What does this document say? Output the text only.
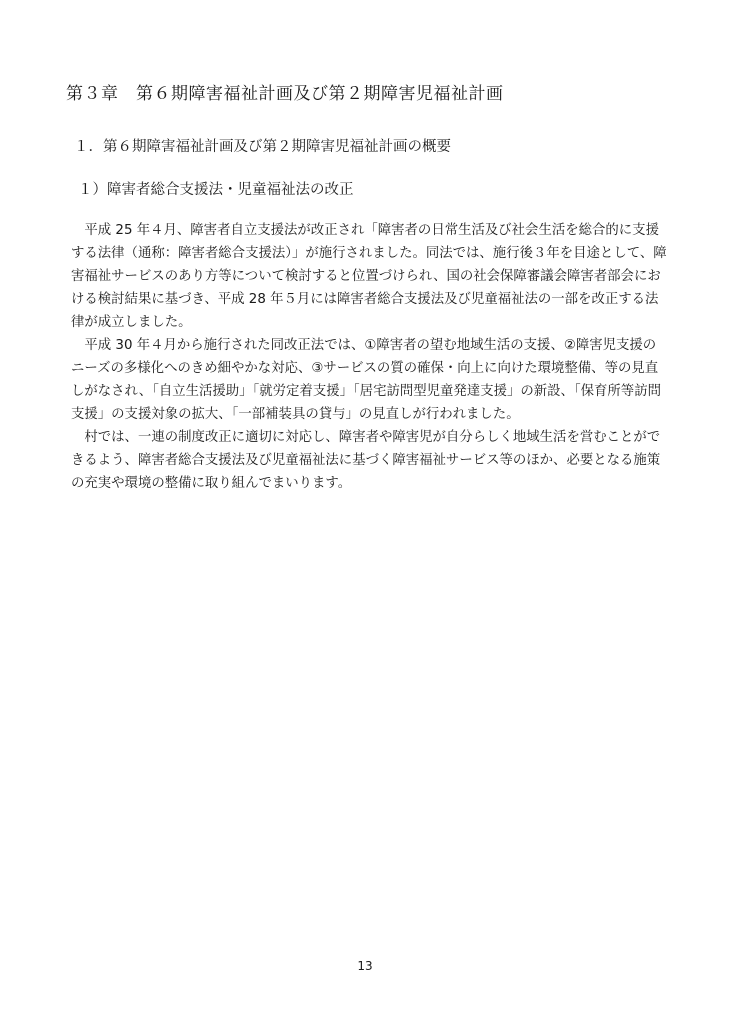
第３章　第６期障害福祉計画及び第２期障害児福祉計画
１．第６期障害福祉計画及び第２期障害児福祉計画の概要
１）障害者総合支援法・児童福祉法の改正

　平成 25 年４月、障害者自立支援法が改正され「障害者の日常生活及び社会生活を総合的に支援
する法律（通称：障害者総合支援法）」が施行されました。同法では、施行後３年を目途として、障
害福祉サービスのあり方等について検討すると位置づけられ、国の社会保障審議会障害者部会にお
ける検討結果に基づき、平成 28 年５月には障害者総合支援法及び児童福祉法の一部を改正する法
律が成立しました。

　平成 30 年４月から施行された同改正法では、①障害者の望む地域生活の支援、②障害児支援の
ニーズの多様化へのきめ細やかな対応、③サービスの質の確保・向上に向けた環境整備、等の見直
しがなされ、「自立生活援助」「就労定着支援」「居宅訪問型児童発達支援」の新設、「保育所等訪問
支援」の支援対象の拡大、「一部補装具の貸与」の見直しが行われました。

　村では、一連の制度改正に適切に対応し、障害者や障害児が自分らしく地域生活を営むことがで
きるよう、障害者総合支援法及び児童福祉法に基づく障害福祉サービス等のほか、必要となる施策
の充実や環境の整備に取り組んでまいります。

13
